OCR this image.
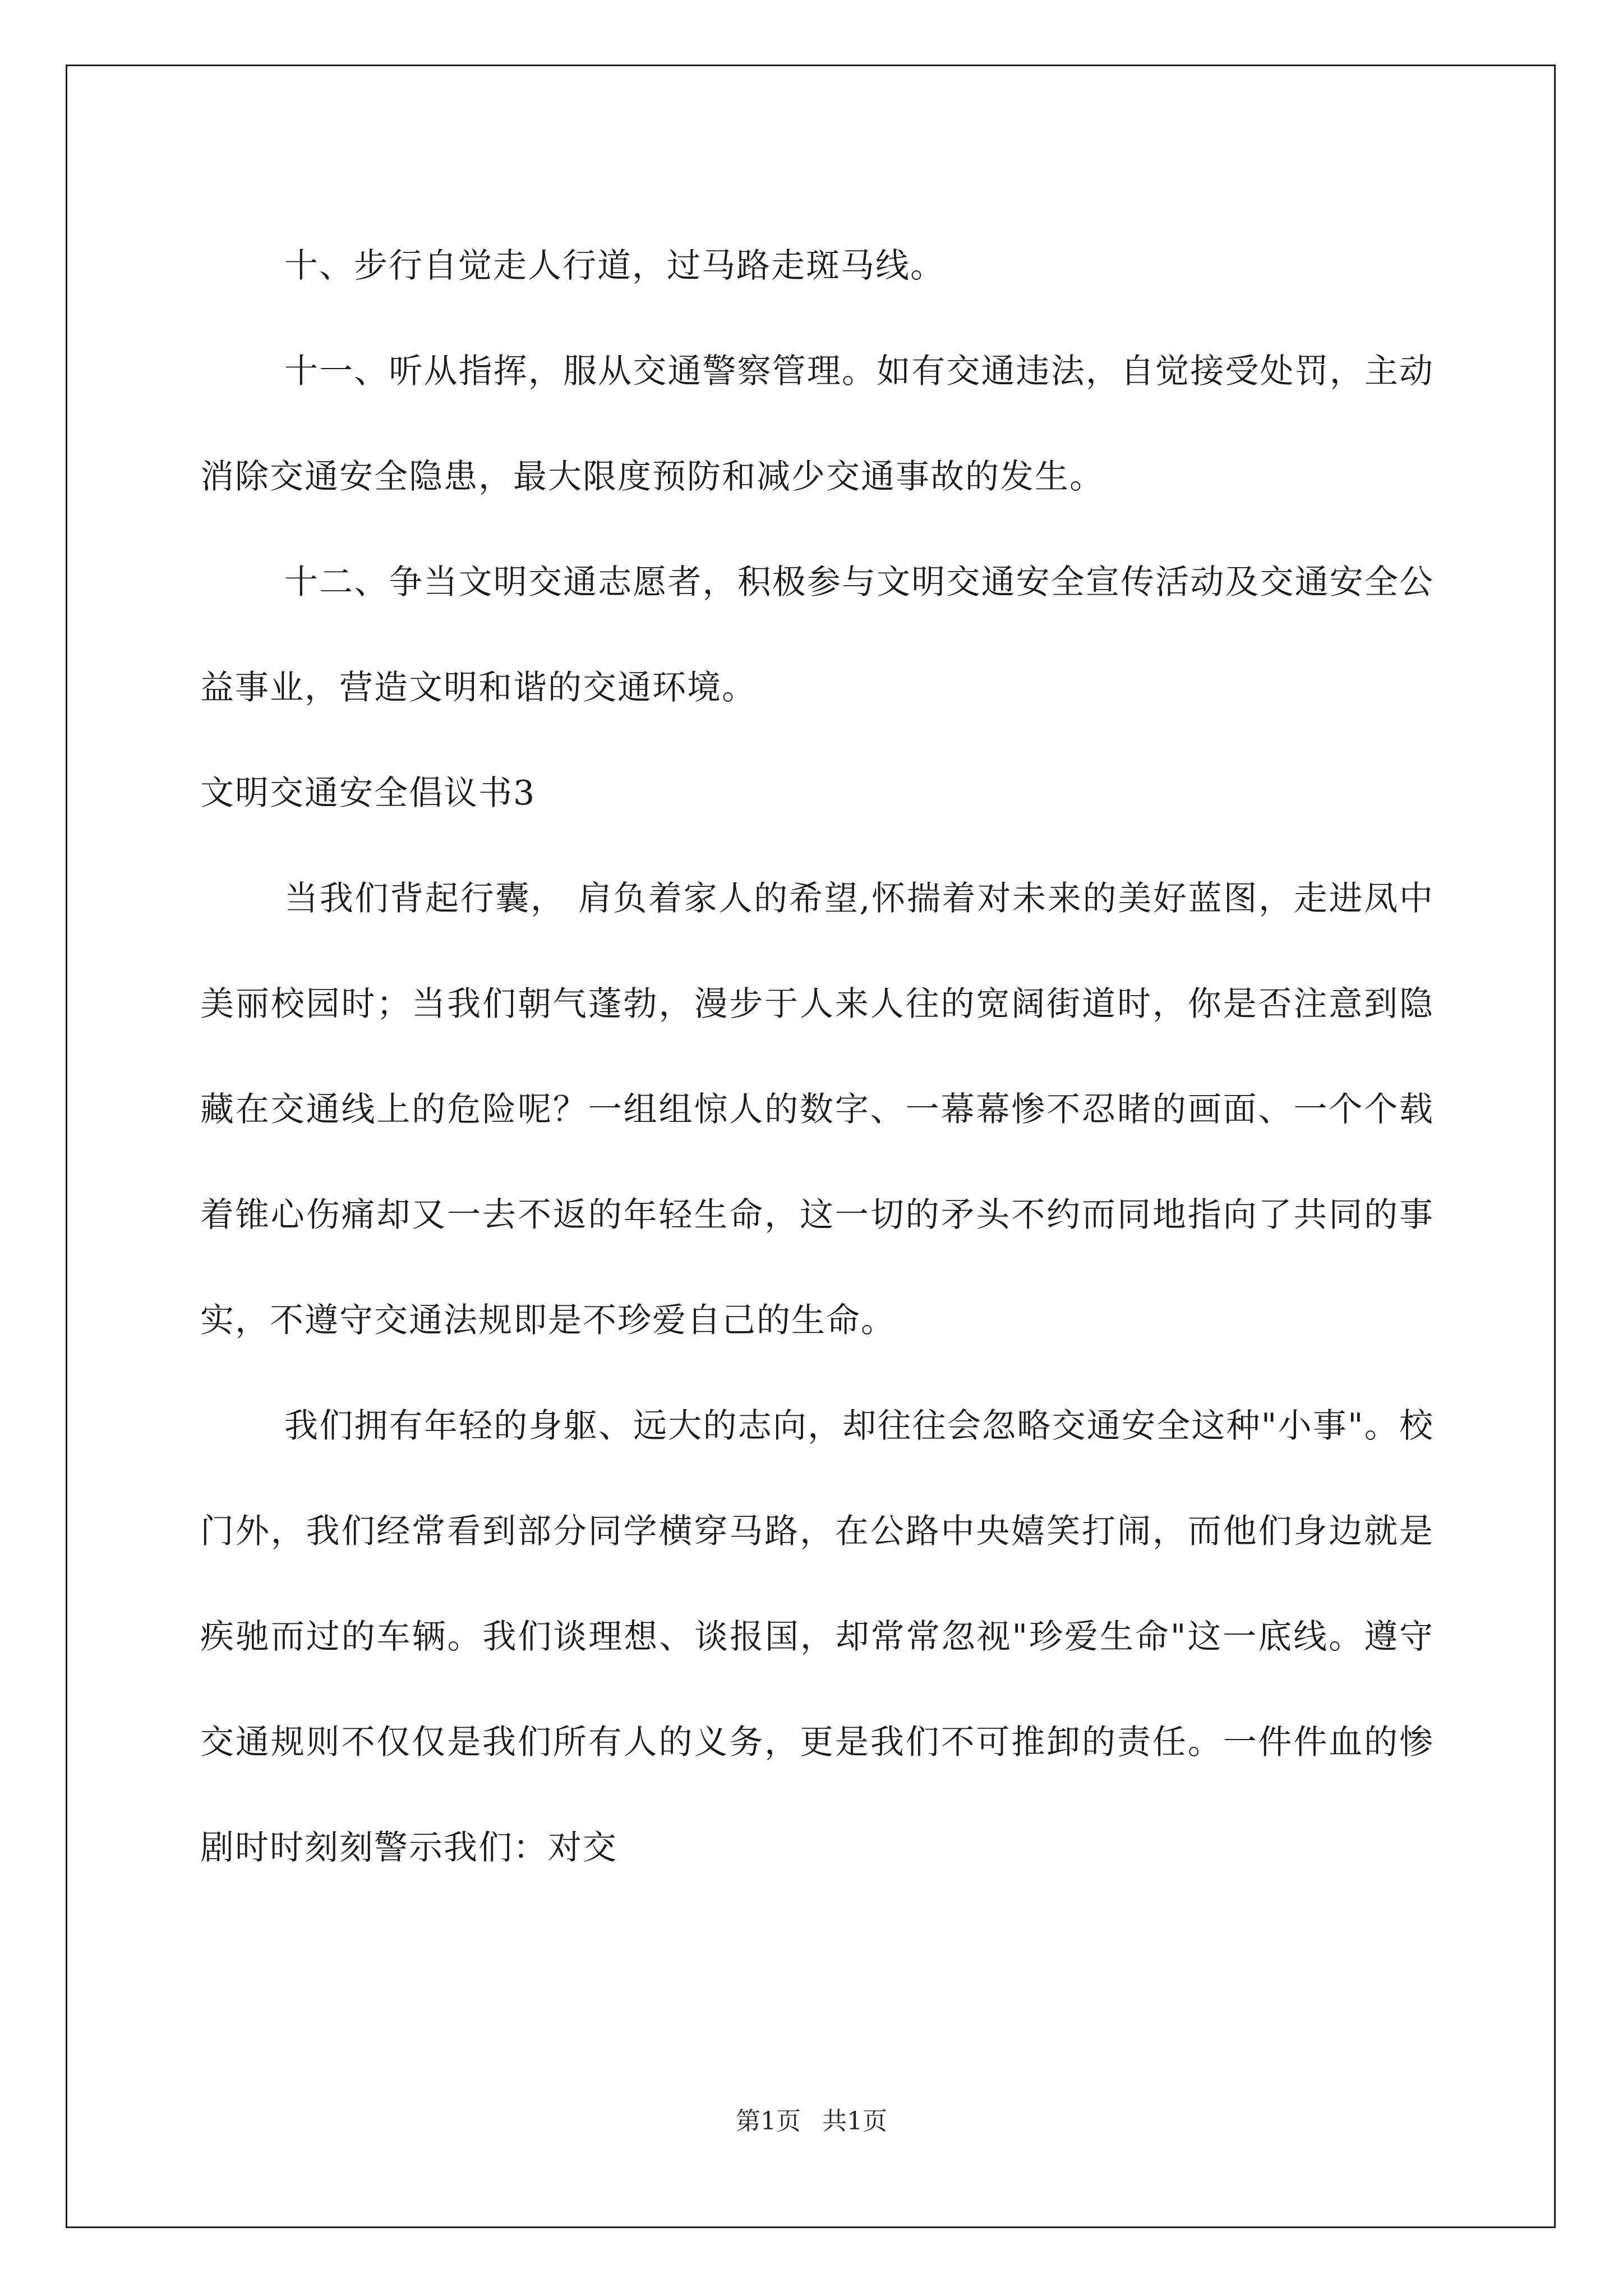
十、步行自觉走人行道，过马路走斑马线。

十一、听从指挥，服从交通警察管理。如有交通违法，自觉接受处罚，主动消除交通安全隐患，最大限度预防和减少交通事故的发生。

十二、争当文明交通志愿者，积极参与文明交通安全宣传活动及交通安全公益事业，营造文明和谐的交通环境。

文明交通安全倡议书3

当我们背起行囊， 肩负着家人的希望,怀揣着对未来的美好蓝图，走进凤中美丽校园时；当我们朝气蓬勃，漫步于人来人往的宽阔街道时，你是否注意到隐藏在交通线上的危险呢？一组组惊人的数字、一幕幕惨不忍睹的画面、一个个载着锥心伤痛却又一去不返的年轻生命，这一切的矛头不约而同地指向了共同的事实，不遵守交通法规即是不珍爱自己的生命。

我们拥有年轻的身躯、远大的志向，却往往会忽略交通安全这种"小事"。校门外，我们经常看到部分同学横穿马路，在公路中央嬉笑打闹，而他们身边就是疾驰而过的车辆。我们谈理想、谈报国，却常常忽视"珍爱生命"这一底线。遵守交通规则不仅仅是我们所有人的义务，更是我们不可推卸的责任。一件件血的惨剧时时刻刻警示我们：对交

第1页 共1页
